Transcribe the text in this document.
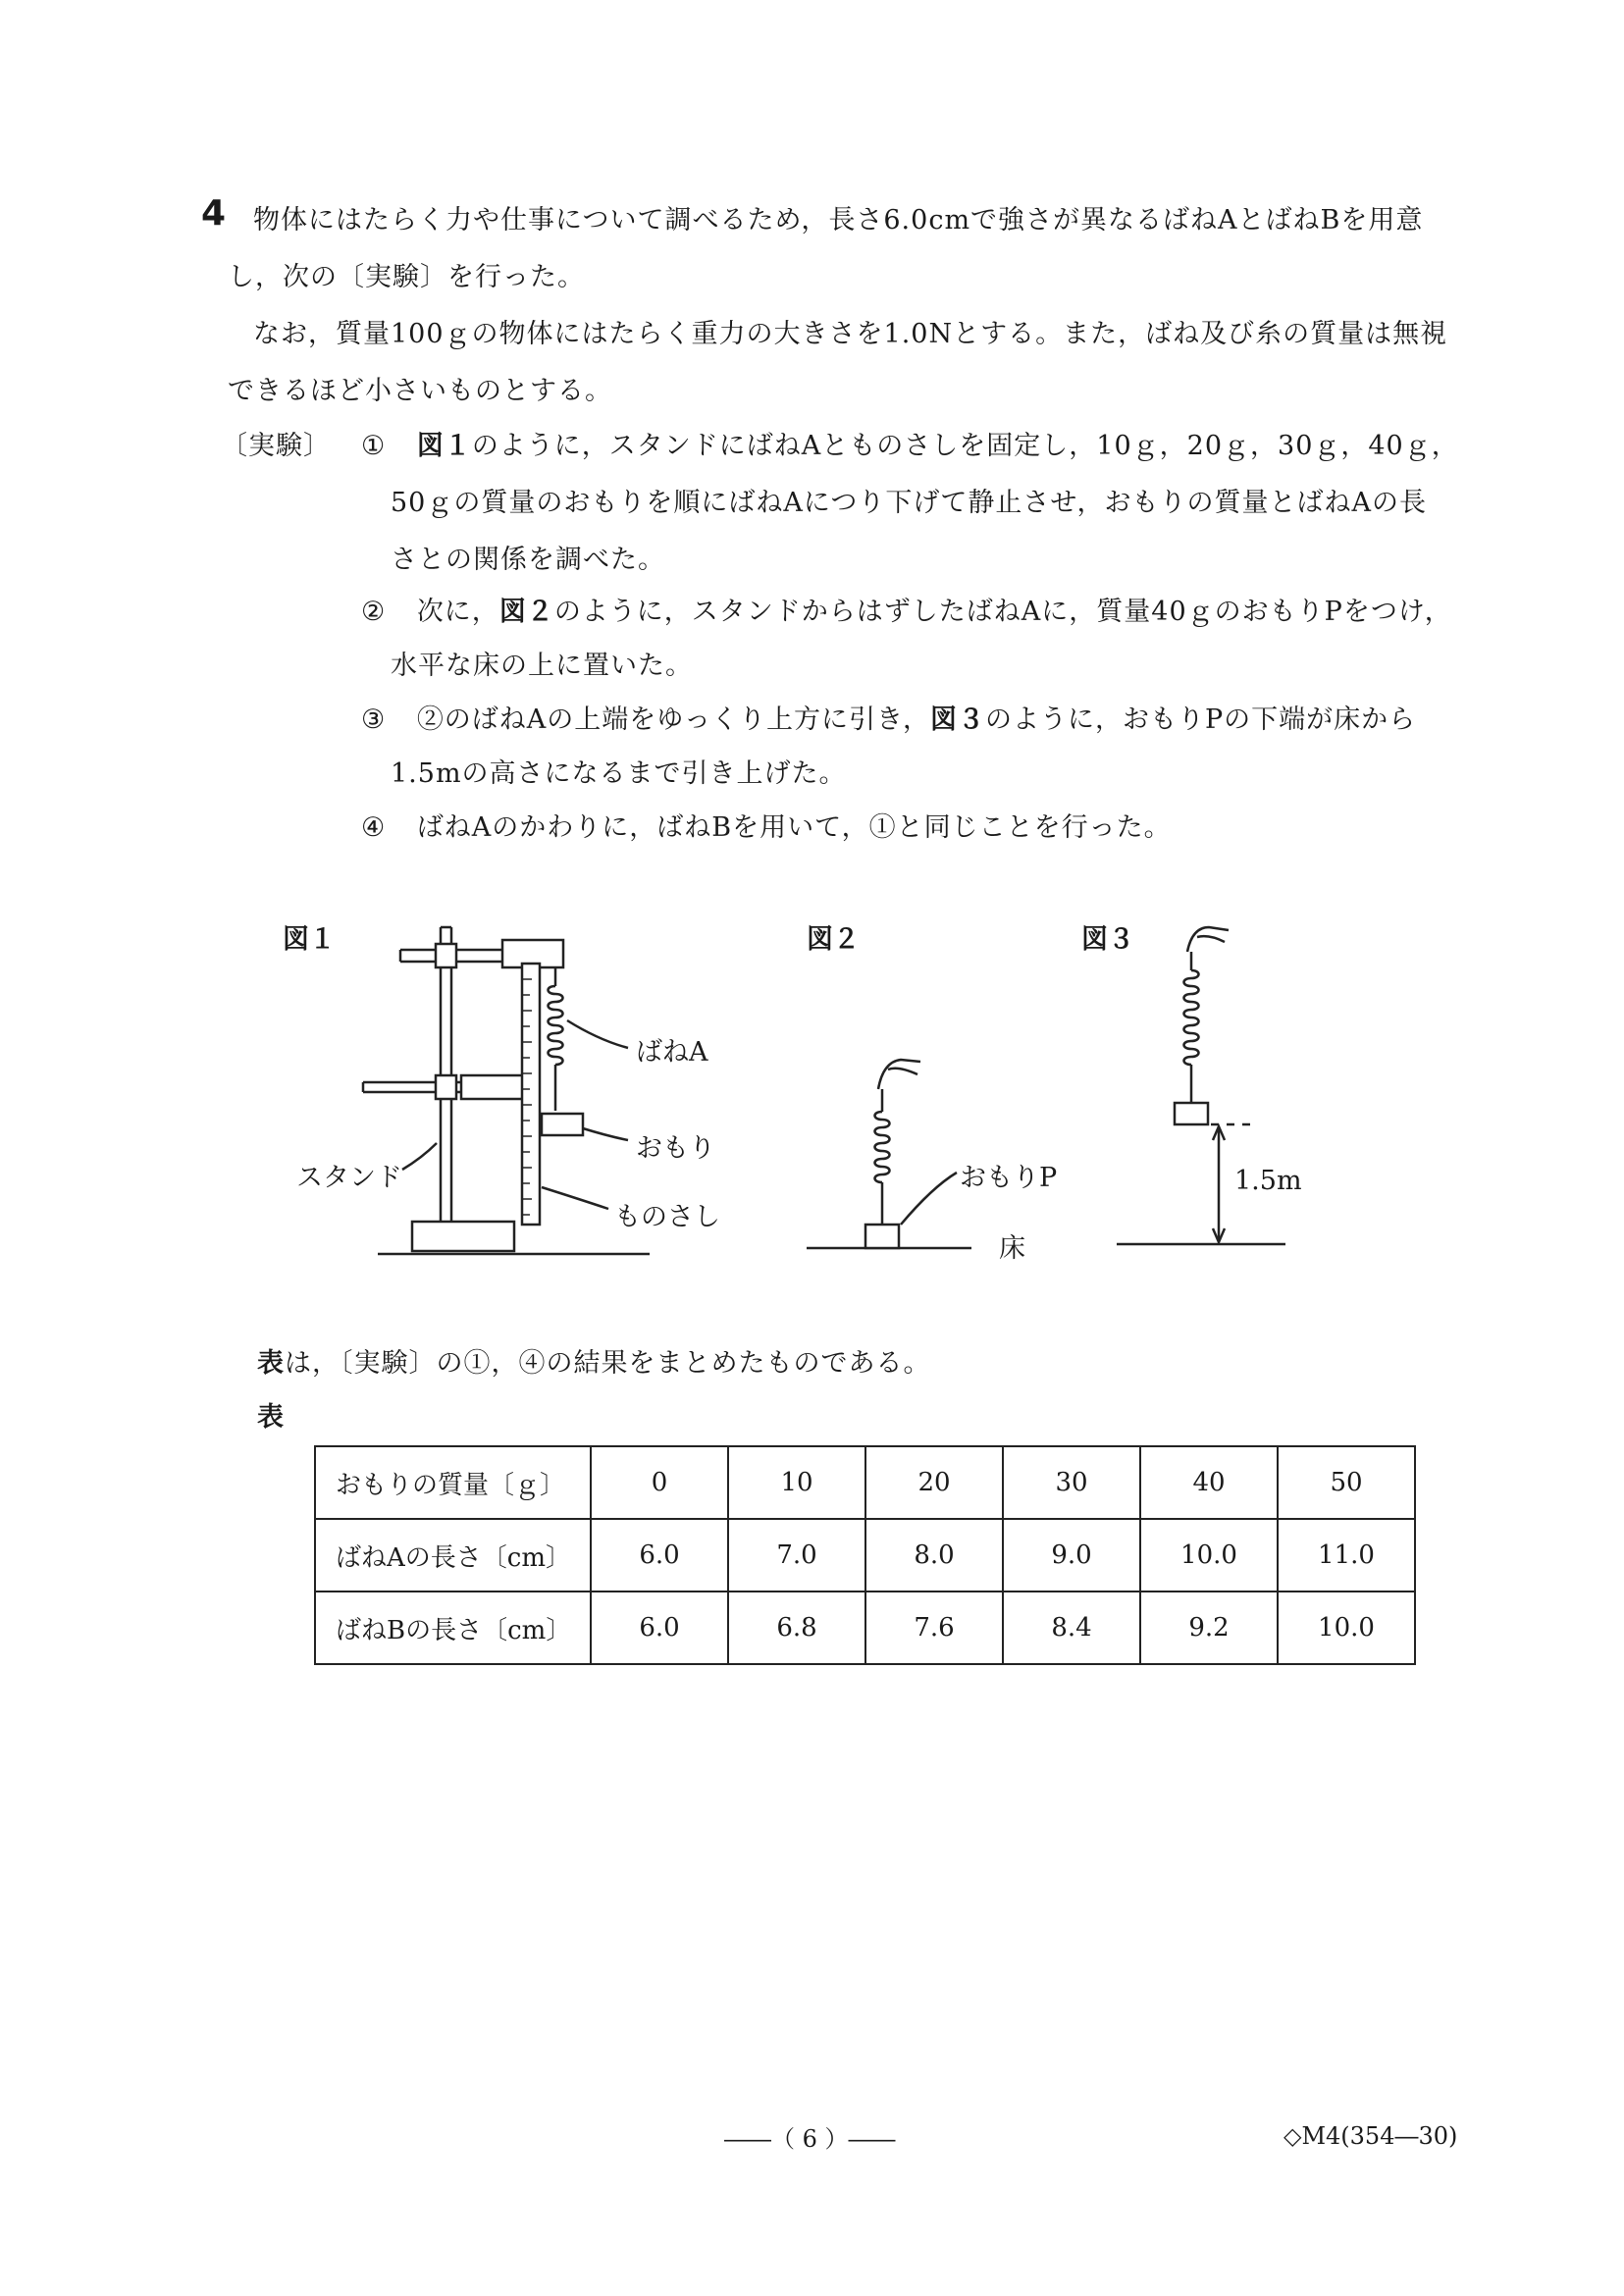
4 物体にはたらく力や仕事について調べるため，長さ6.0cmで強さが異なるばねAとばねBを用意
し，次の〔実験〕を行った。
なお，質量100ｇの物体にはたらく重力の大きさを1.0Nとする。また，ばね及び糸の質量は無視
できるほど小さいものとする。
〔実験〕 ① 図１のように，スタンドにばねAとものさしを固定し，10ｇ，20ｇ，30ｇ，40ｇ，
50ｇの質量のおもりを順にばねAにつり下げて静止させ，おもりの質量とばねAの長
さとの関係を調べた。
② 次に，図２のように，スタンドからはずしたばねAに，質量40ｇのおもりPをつけ，
水平な床の上に置いた。
③ ②のばねAの上端をゆっくり上方に引き，図３のように，おもりPの下端が床から
1.5mの高さになるまで引き上げた。
④ ばねAのかわりに，ばねBを用いて，①と同じことを行った。
図１	図２	図３
ばねA
おもり
スタンド
ものさし
おもりP
床
1.5m
表は，〔実験〕の①，④の結果をまとめたものである。
表
おもりの質量〔ｇ〕	0	10	20	30	40	50
ばねAの長さ〔cm〕	6.0	7.0	8.0	9.0	10.0	11.0
ばねBの長さ〔cm〕	6.0	6.8	7.6	8.4	9.2	10.0
――（ 6 ）――	◇M4(354―30)
